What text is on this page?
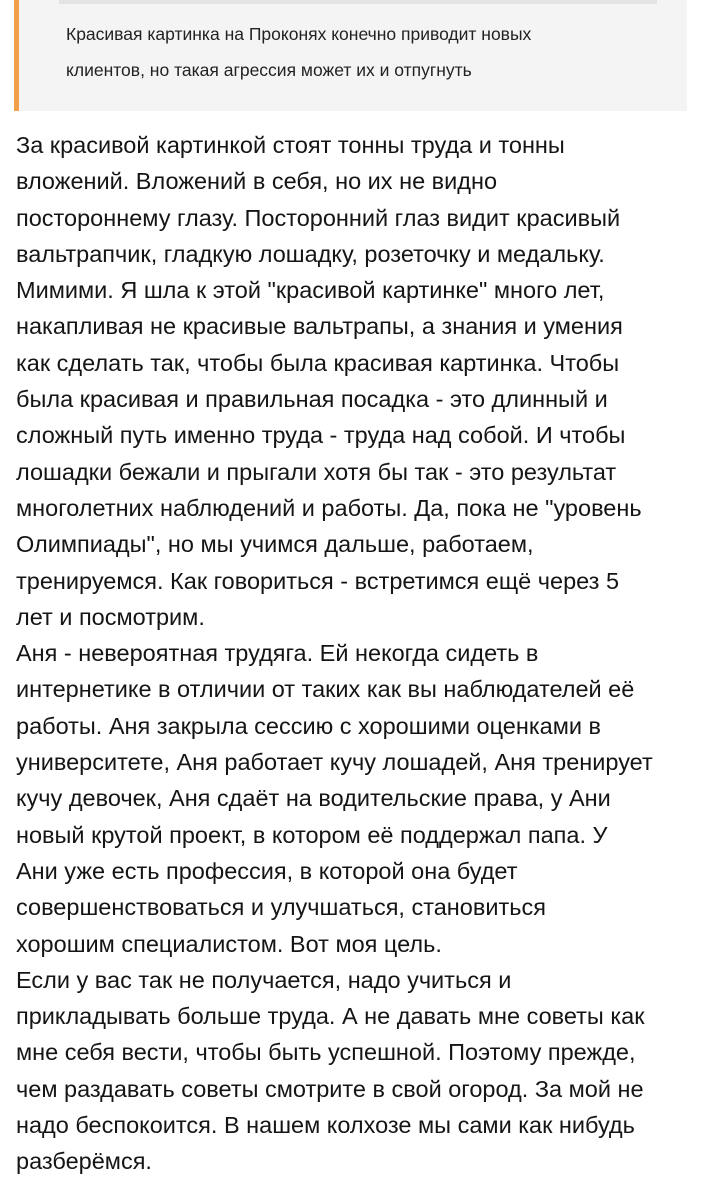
Красивая картинка на Проконях конечно приводит новых
клиентов, но такая агрессия может их и отпугнуть
За красивой картинкой стоят тонны труда и тонны
вложений. Вложений в себя, но их не видно
постороннему глазу. Посторонний глаз видит красивый
вальтрапчик, гладкую лошадку, розеточку и медальку.
Мимими. Я шла к этой "красивой картинке" много лет,
накапливая не красивые вальтрапы, а знания и умения
как сделать так, чтобы была красивая картинка. Чтобы
была красивая и правильная посадка - это длинный и
сложный путь именно труда - труда над собой. И чтобы
лошадки бежали и прыгали хотя бы так - это результат
многолетних наблюдений и работы. Да, пока не "уровень
Олимпиады", но мы учимся дальше, работаем,
тренируемся. Как говориться - встретимся ещё через 5
лет и посмотрим.
Аня - невероятная трудяга. Ей некогда сидеть в
интернетике в отличии от таких как вы наблюдателей её
работы. Аня закрыла сессию с хорошими оценками в
университете, Аня работает кучу лошадей, Аня тренирует
кучу девочек, Аня сдаёт на водительские права, у Ани
новый крутой проект, в котором её поддержал папа. У
Ани уже есть профессия, в которой она будет
совершенствоваться и улучшаться, становиться
хорошим специалистом. Вот моя цель.
Если у вас так не получается, надо учиться и
прикладывать больше труда. А не давать мне советы как
мне себя вести, чтобы быть успешной. Поэтому прежде,
чем раздавать советы смотрите в свой огород. За мой не
надо беспокоится. В нашем колхозе мы сами как нибудь
разберёмся.
